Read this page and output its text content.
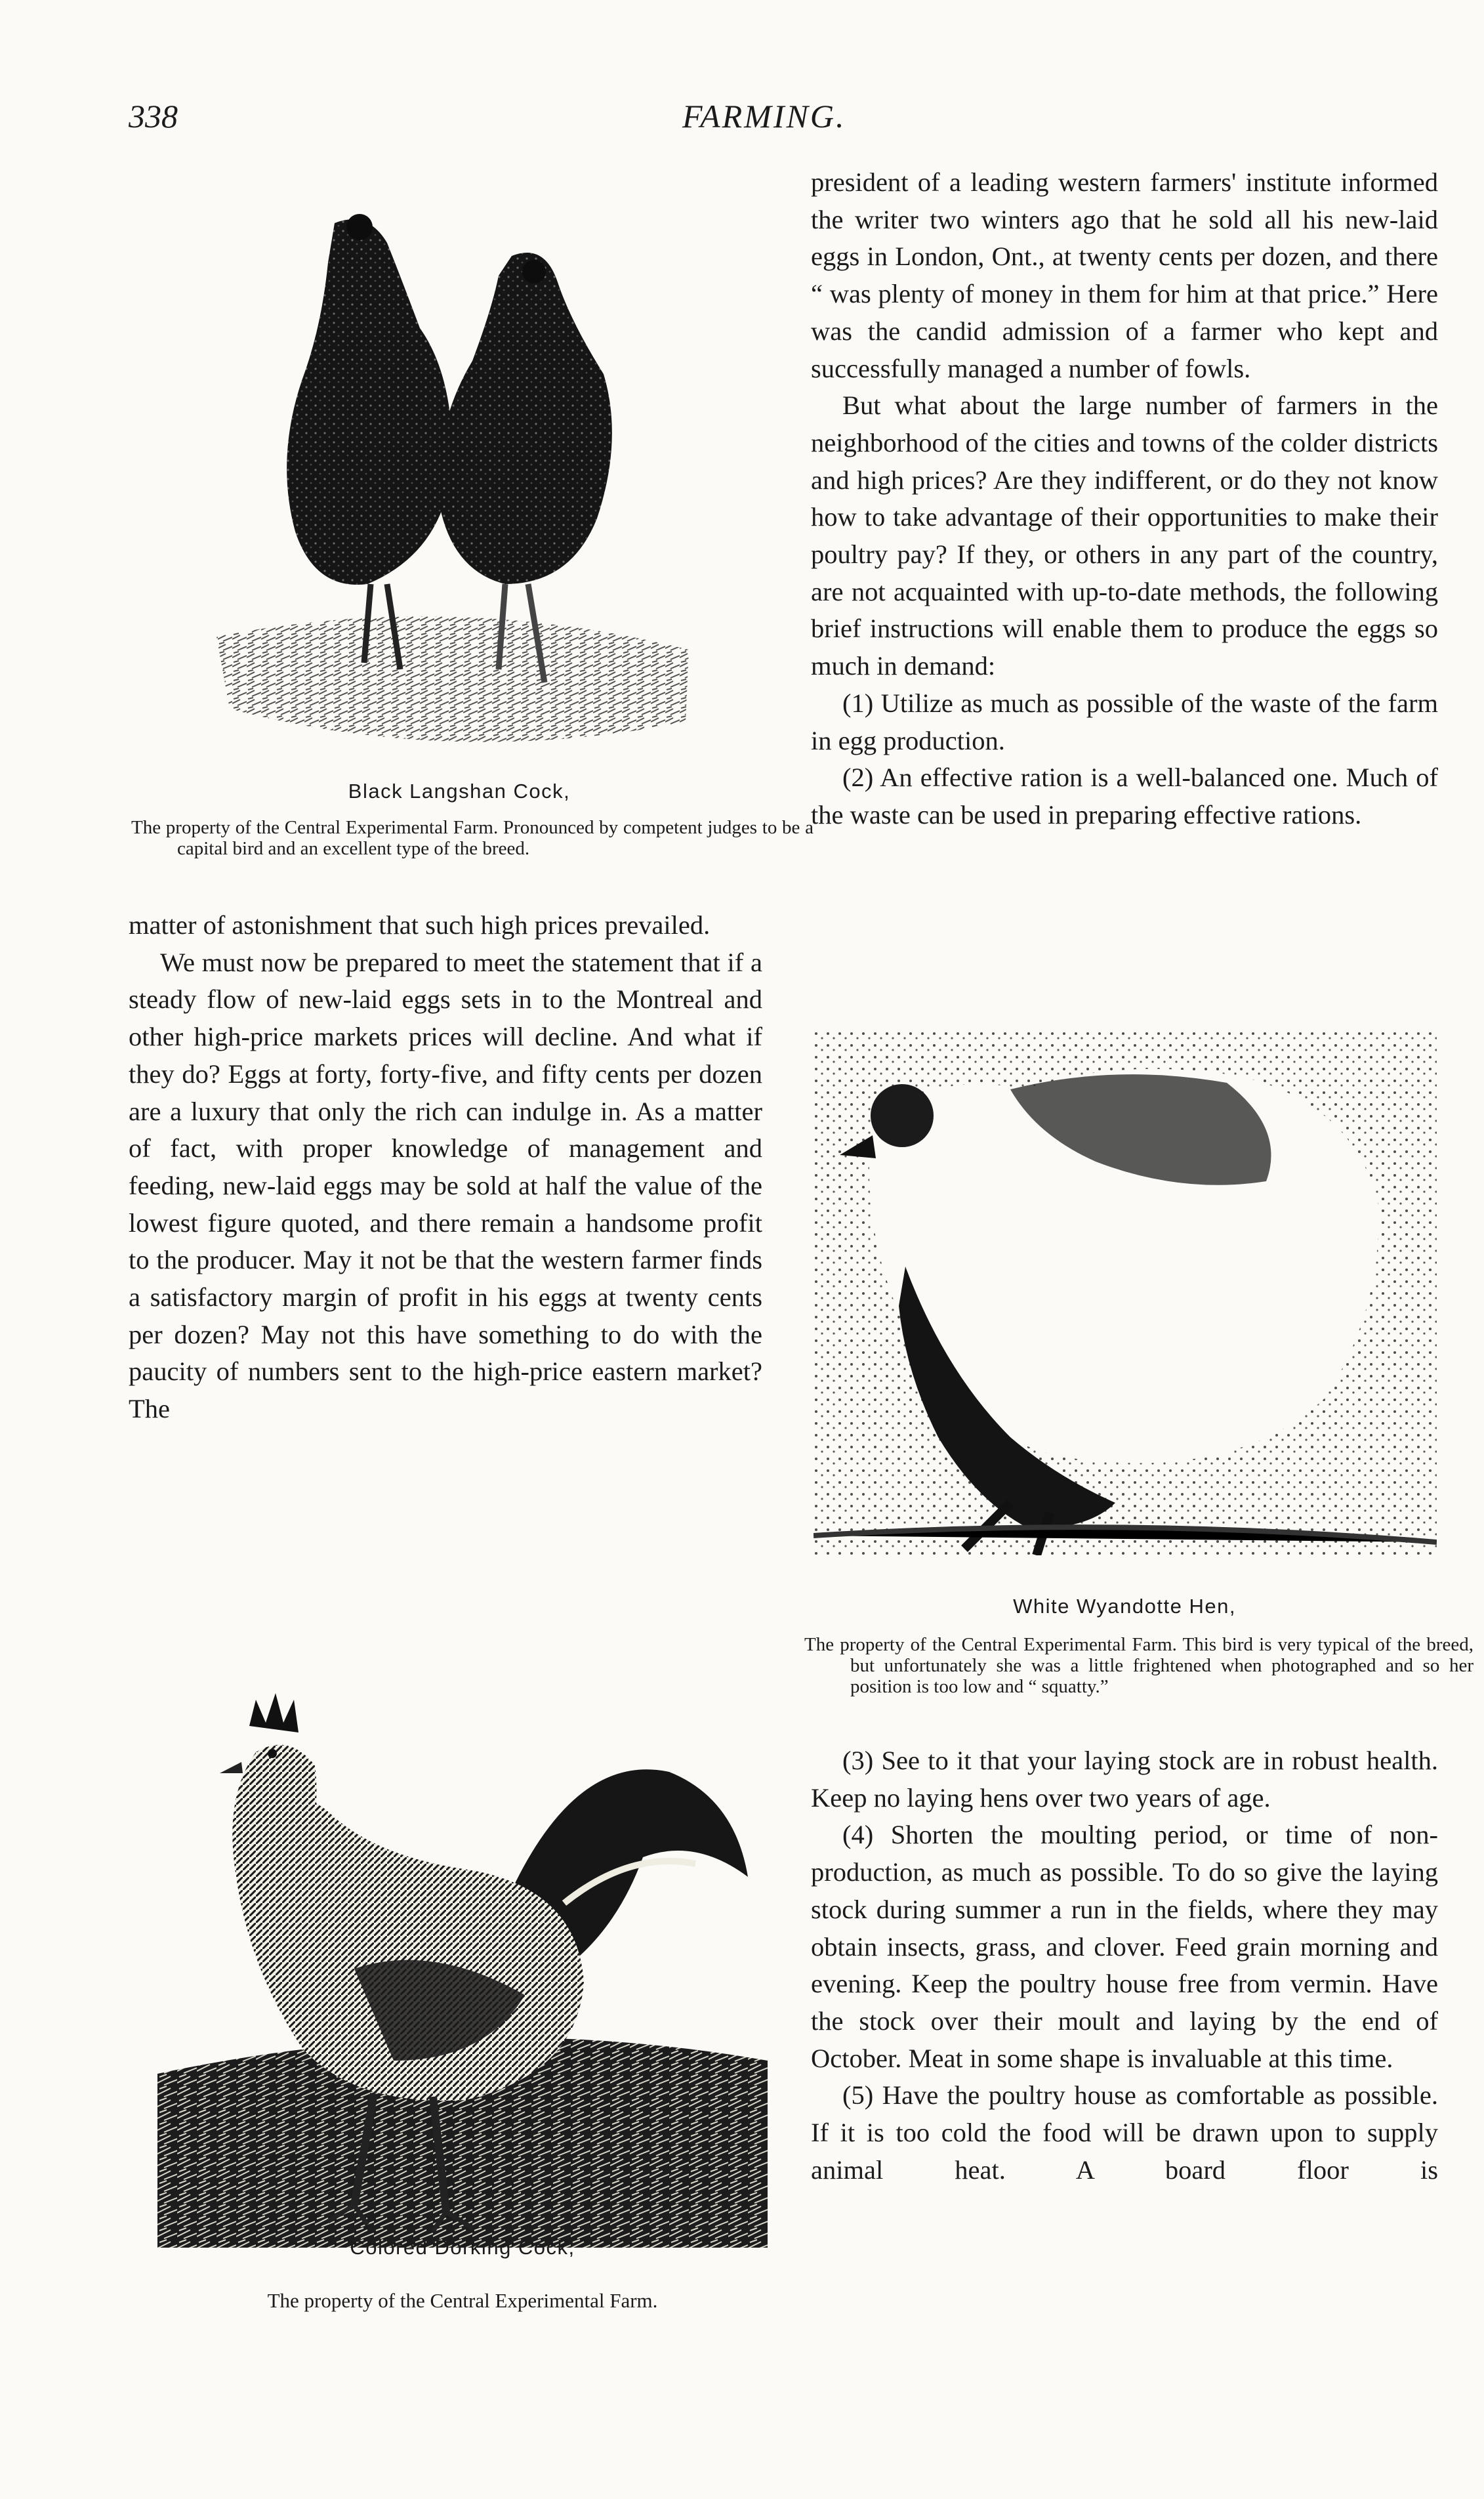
338	FARMING.
Black Langshan Cock,
The property of the Central Experimental Farm. Pronounced by competent judges to be a capital bird and an excellent type of the breed.

matter of astonishment that such high prices prevailed.

We must now be prepared to meet the statement that if a steady flow of new-laid eggs sets in to the Montreal and other high-price markets prices will decline. And what if they do? Eggs at forty, forty-five, and fifty cents per dozen are a luxury that only the rich can indulge in. As a matter of fact, with proper knowledge of management and feeding, new-laid eggs may be sold at half the value of the lowest figure quoted, and there remain a handsome profit to the producer. May it not be that the western farmer finds a satisfactory margin of profit in his eggs at twenty cents per dozen? May not this have something to do with the paucity of numbers sent to the high-price eastern market? The

Colored Dorking Cock,
The property of the Central Experimental Farm.

president of a leading western farmers' institute informed the writer two winters ago that he sold all his new-laid eggs in London, Ont., at twenty cents per dozen, and there “ was plenty of money in them for him at that price.” Here was the candid admission of a farmer who kept and successfully managed a number of fowls.

But what about the large number of farmers in the neighborhood of the cities and towns of the colder districts and high prices? Are they indifferent, or do they not know how to take advantage of their opportunities to make their poultry pay? If they, or others in any part of the country, are not acquainted with up-to-date methods, the following brief instructions will enable them to produce the eggs so much in demand:

(1) Utilize as much as possible of the waste of the farm in egg production.

(2) An effective ration is a well-balanced one. Much of the waste can be used in preparing effective rations.

White Wyandotte Hen,
The property of the Central Experimental Farm. This bird is very typical of the breed, but unfortunately she was a little frightened when photographed and so her position is too low and “ squatty.”

(3) See to it that your laying stock are in robust health. Keep no laying hens over two years of age.

(4) Shorten the moulting period, or time of non-production, as much as possible. To do so give the laying stock during summer a run in the fields, where they may obtain insects, grass, and clover. Feed grain morning and evening. Keep the poultry house free from vermin. Have the stock over their moult and laying by the end of October. Meat in some shape is invaluable at this time.

(5) Have the poultry house as comfortable as possible. If it is too cold the food will be drawn upon to supply animal heat. A board floor is
